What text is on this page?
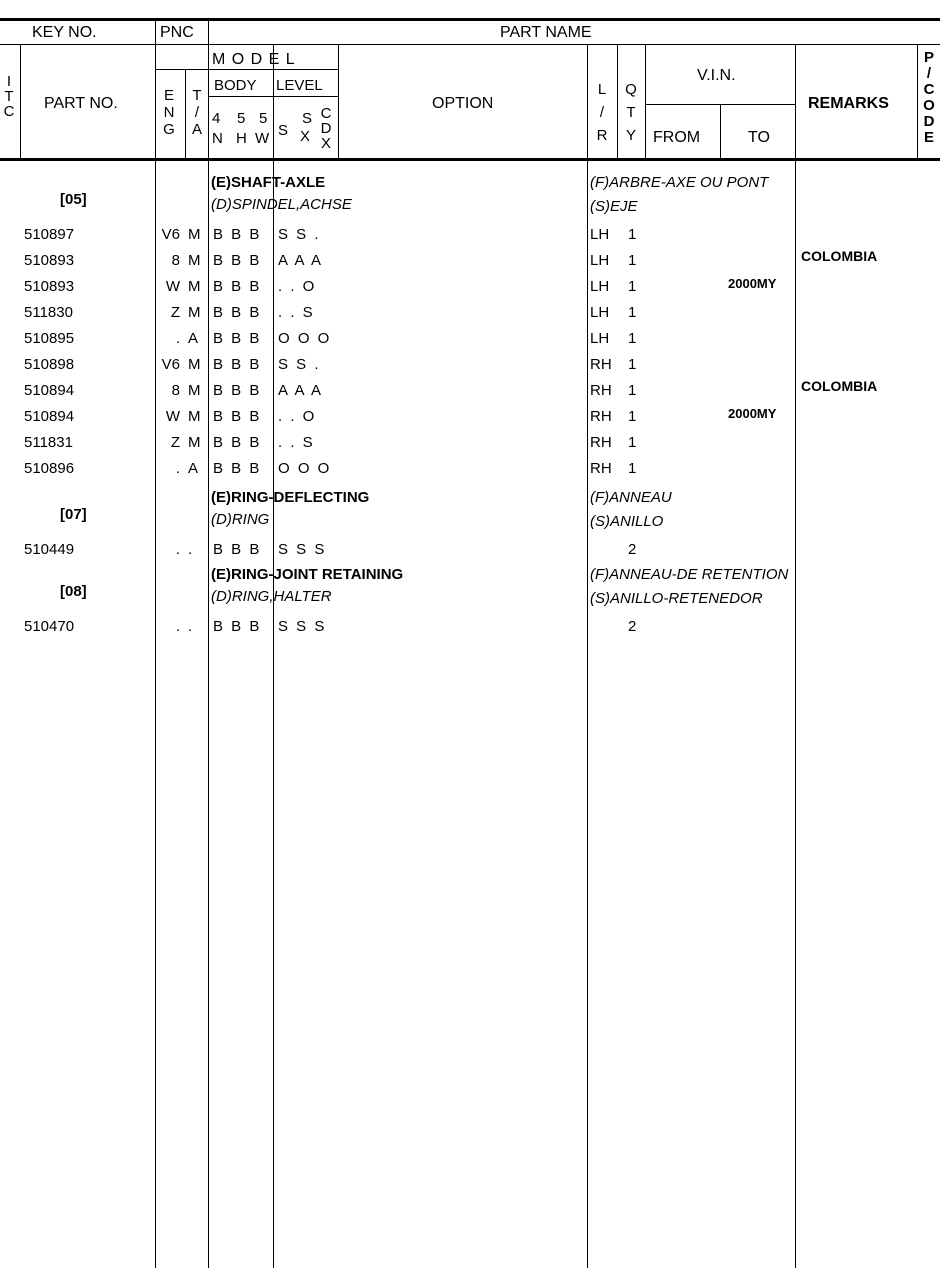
KEY NO.	PNC	PART NAME
M O D E L
I
T
C PART NO.	E
N
G
T
/
A
BODY LEVEL
4
N
5
H
5
W S
S
X
C
D
X
OPTION
L
/
R
Q
T
Y
V.I.N.
FROM	TO
REMARKS
P
/
C
O
D
E
[05]
(E)SHAFT-AXLE
(D)SPINDEL,ACHSE
(F)ARBRE-AXE OU PONT
(S)EJE
510897	V6 M B B B S S .	LH 1
510893	8 M B B B A A A	LH 1	COLOMBIA
510893	W M B B B . . O	LH 1	2000MY
511830	Z M B B B . . S	LH 1
510895	. A B B B O O O	LH 1
510898	V6 M B B B S S .	RH 1
510894	8 M B B B A A A	RH 1	COLOMBIA
510894	W M B B B . . O	RH 1	2000MY
511831	Z M B B B . . S	RH 1
510896	. A B B B O O O	RH 1
[07]
(E)RING-DEFLECTING
(D)RING
(F)ANNEAU
(S)ANILLO
510449	. . B B B S S S	2
[08]
(E)RING-JOINT RETAINING
(D)RING,HALTER
(F)ANNEAU-DE RETENTION
(S)ANILLO-RETENEDOR
510470	. . B B B S S S	2
